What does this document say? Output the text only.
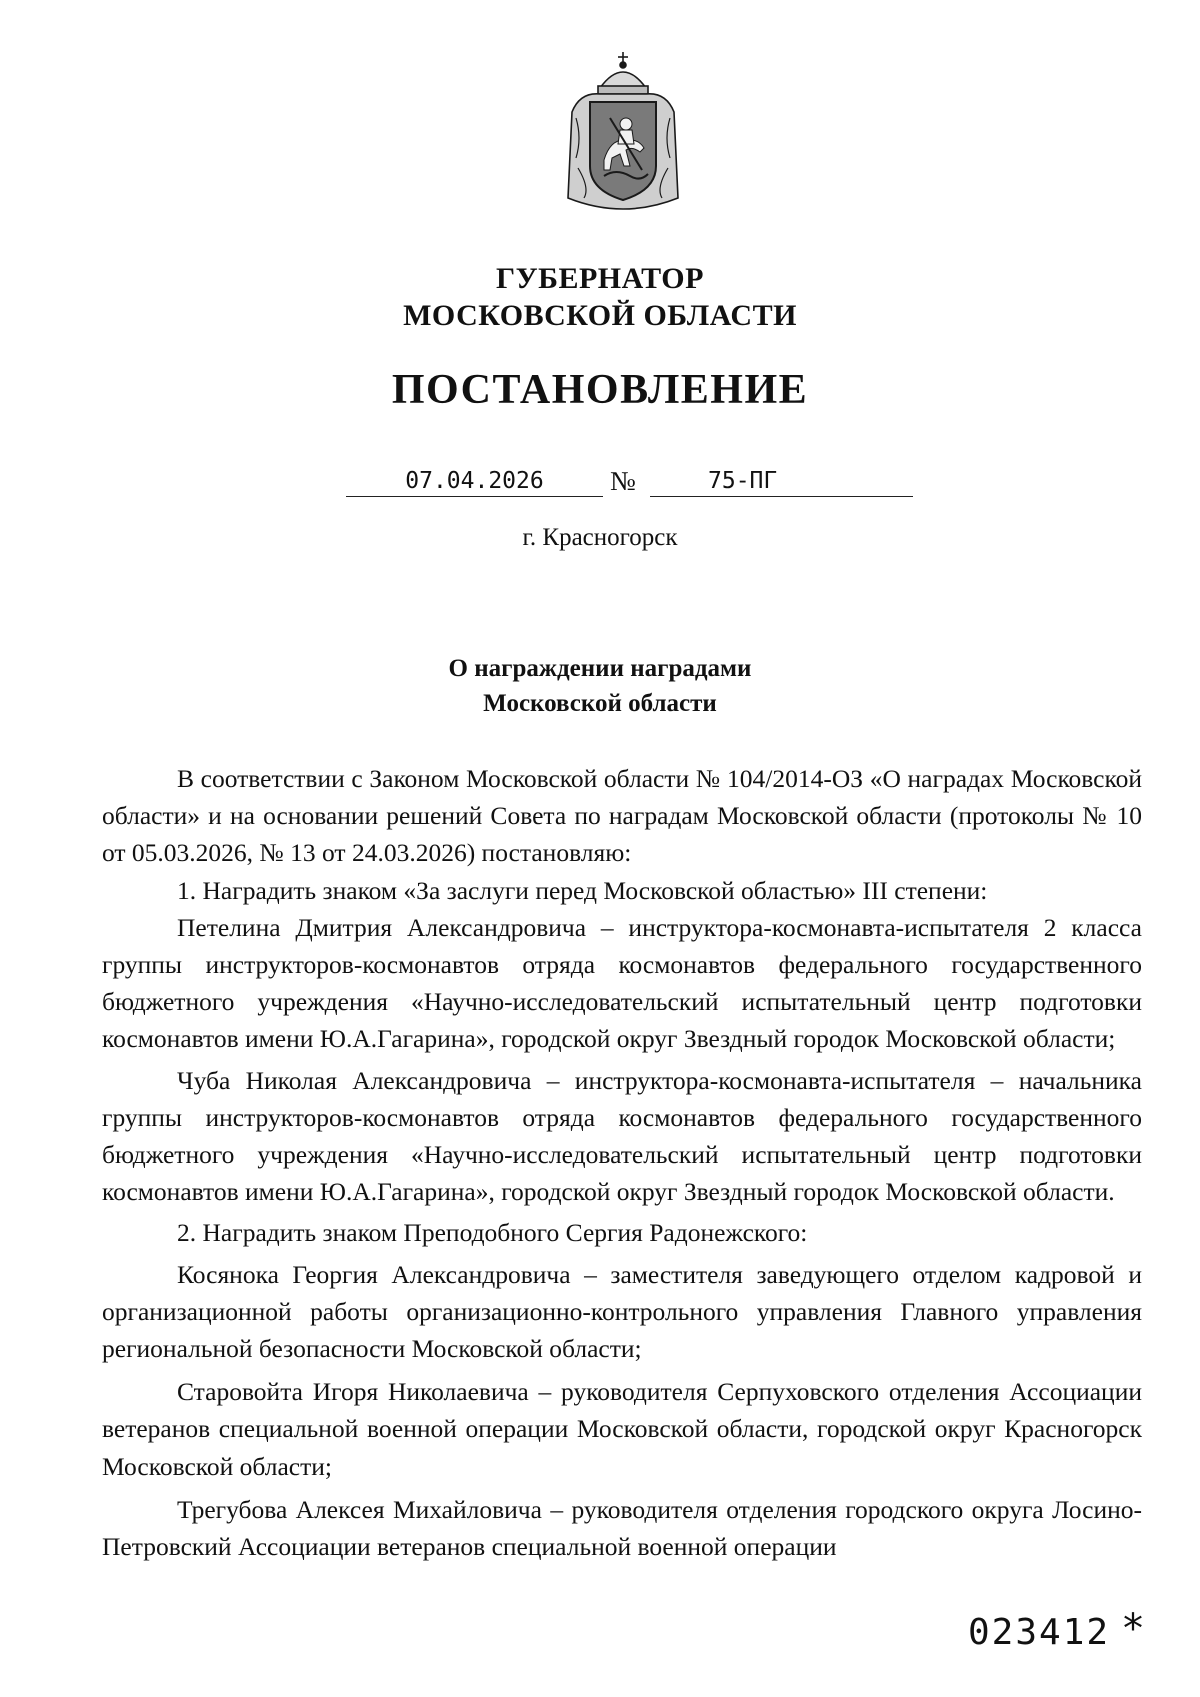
ГУБЕРНАТОР
МОСКОВСКОЙ ОБЛАСТИ
ПОСТАНОВЛЕНИЕ
07.04.2026	№	75-ПГ
г. Красногорск
О награждении наградами
Московской области

В соответствии с Законом Московской области № 104/2014-ОЗ «О наградах Московской области» и на основании решений Совета по наградам Московской области (протоколы № 10 от 05.03.2026, № 13 от 24.03.2026) постановляю:

1. Наградить знаком «За заслуги перед Московской областью» III степени:

Петелина Дмитрия Александровича – инструктора-космонавта-испытателя 2 класса группы инструкторов-космонавтов отряда космонавтов федерального государственного бюджетного учреждения «Научно-исследовательский испытательный центр подготовки космонавтов имени Ю.А.Гагарина», городской округ Звездный городок Московской области;

Чуба Николая Александровича – инструктора-космонавта-испытателя – начальника группы инструкторов-космонавтов отряда космонавтов федерального государственного бюджетного учреждения «Научно-исследовательский испытательный центр подготовки космонавтов имени Ю.А.Гагарина», городской округ Звездный городок Московской области.

2. Наградить знаком Преподобного Сергия Радонежского:

Косянока Георгия Александровича – заместителя заведующего отделом кадровой и организационной работы организационно-контрольного управления Главного управления региональной безопасности Московской области;

Старовойта Игоря Николаевича – руководителя Серпуховского отделения Ассоциации ветеранов специальной военной операции Московской области, городской округ Красногорск Московской области;

Трегубова Алексея Михайловича – руководителя отделения городского округа Лосино-Петровский Ассоциации ветеранов специальной военной операции

023412 *
